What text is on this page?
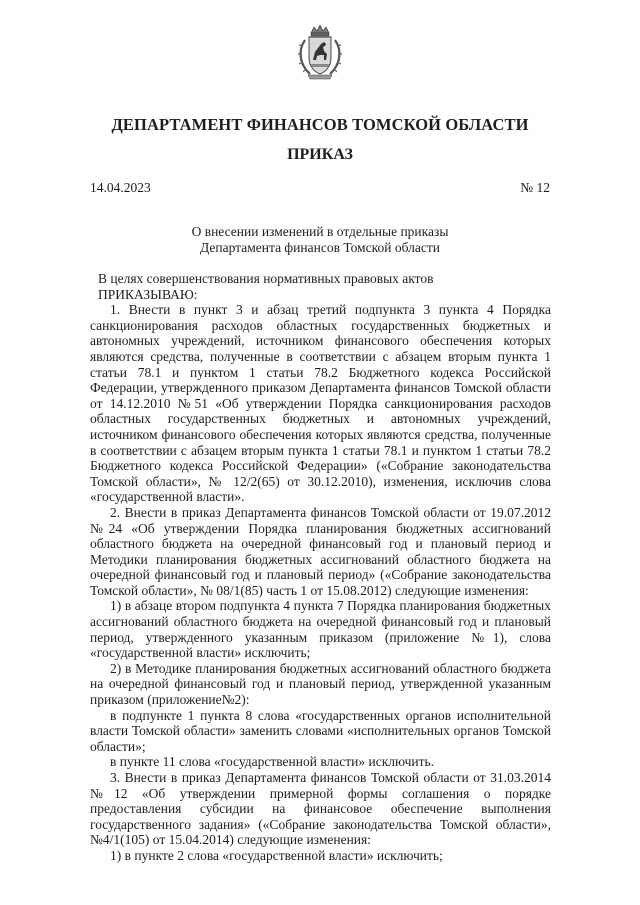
ДЕПАРТАМЕНТ ФИНАНСОВ ТОМСКОЙ ОБЛАСТИ
ПРИКАЗ
14.04.2023	№ 12
О внесении изменений в отдельные приказы
Департамента финансов Томской области

В целях совершенствования нормативных правовых актов

ПРИКАЗЫВАЮ:

1. Внести в пункт 3 и абзац третий подпункта 3 пункта 4 Порядка санкционирования расходов областных государственных бюджетных и автономных учреждений, источником финансового обеспечения которых являются средства, полученные в соответствии с абзацем вторым пункта 1 статьи 78.1 и пунктом 1 статьи 78.2 Бюджетного кодекса Российской Федерации, утвержденного приказом Департамента финансов Томской области от 14.12.2010 №51 «Об утверждении Порядка санкционирования расходов областных государственных бюджетных и автономных учреждений, источником финансового обеспечения которых являются средства, полученные в соответствии с абзацем вторым пункта 1 статьи 78.1 и пунктом 1 статьи 78.2 Бюджетного кодекса Российской Федерации» («Собрание законодательства Томской области», № 12/2(65) от 30.12.2010), изменения, исключив слова «государственной власти».

2. Внести в приказ Департамента финансов Томской области от 19.07.2012 №24 «Об утверждении Порядка планирования бюджетных ассигнований областного бюджета на очередной финансовый год и плановый период и Методики планирования бюджетных ассигнований областного бюджета на очередной финансовый год и плановый период» («Собрание законодательства Томской области», № 08/1(85) часть 1 от 15.08.2012) следующие изменения:

1) в абзаце втором подпункта 4 пункта 7 Порядка планирования бюджетных ассигнований областного бюджета на очередной финансовый год и плановый период, утвержденного указанным приказом (приложение №1), слова «государственной власти» исключить;

2) в Методике планирования бюджетных ассигнований областного бюджета на очередной финансовый год и плановый период, утвержденной указанным приказом (приложение№2):

в подпункте 1 пункта 8 слова «государственных органов исполнительной власти Томской области» заменить словами «исполнительных органов Томской области»;

в пункте 11 слова «государственной власти» исключить.

3. Внести в приказ Департамента финансов Томской области от 31.03.2014 №12 «Об утверждении примерной формы соглашения о порядке предоставления субсидии на финансовое обеспечение выполнения государственного задания» («Собрание законодательства Томской области», №4/1(105) от 15.04.2014) следующие изменения:

1) в пункте 2 слова «государственной власти» исключить;
